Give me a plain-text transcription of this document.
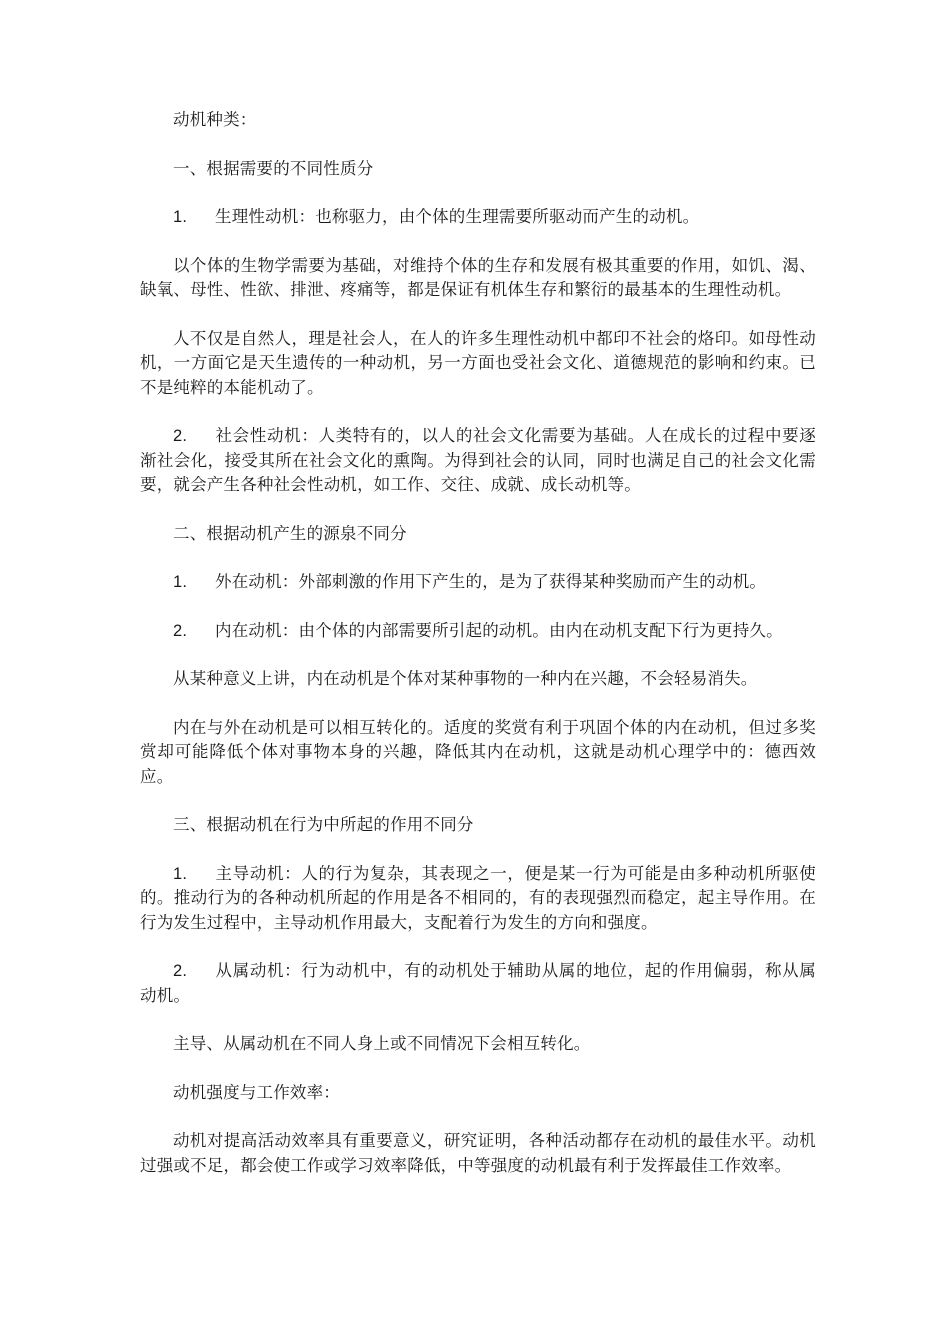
动机种类：

一、根据需要的不同性质分

1. 生理性动机：也称驱力，由个体的生理需要所驱动而产生的动机。

以个体的生物学需要为基础，对维持个体的生存和发展有极其重要的作用，如饥、渴、缺氧、母性、性欲、排泄、疼痛等，都是保证有机体生存和繁衍的最基本的生理性动机。

人不仅是自然人，理是社会人，在人的许多生理性动机中都印不社会的烙印。如母性动机，一方面它是天生遗传的一种动机，另一方面也受社会文化、道德规范的影响和约束。已不是纯粹的本能机动了。

2. 社会性动机：人类特有的，以人的社会文化需要为基础。人在成长的过程中要逐渐社会化，接受其所在社会文化的熏陶。为得到社会的认同，同时也满足自己的社会文化需要，就会产生各种社会性动机，如工作、交往、成就、成长动机等。

二、根据动机产生的源泉不同分

1. 外在动机：外部刺激的作用下产生的，是为了获得某种奖励而产生的动机。

2. 内在动机：由个体的内部需要所引起的动机。由内在动机支配下行为更持久。

从某种意义上讲，内在动机是个体对某种事物的一种内在兴趣，不会轻易消失。

内在与外在动机是可以相互转化的。适度的奖赏有利于巩固个体的内在动机，但过多奖赏却可能降低个体对事物本身的兴趣，降低其内在动机，这就是动机心理学中的：德西效应。

三、根据动机在行为中所起的作用不同分

1. 主导动机：人的行为复杂，其表现之一，便是某一行为可能是由多种动机所驱使的。推动行为的各种动机所起的作用是各不相同的，有的表现强烈而稳定，起主导作用。在行为发生过程中，主导动机作用最大，支配着行为发生的方向和强度。

2. 从属动机：行为动机中，有的动机处于辅助从属的地位，起的作用偏弱，称从属动机。

主导、从属动机在不同人身上或不同情况下会相互转化。

动机强度与工作效率：

动机对提高活动效率具有重要意义，研究证明，各种活动都存在动机的最佳水平。动机过强或不足，都会使工作或学习效率降低，中等强度的动机最有利于发挥最佳工作效率。
